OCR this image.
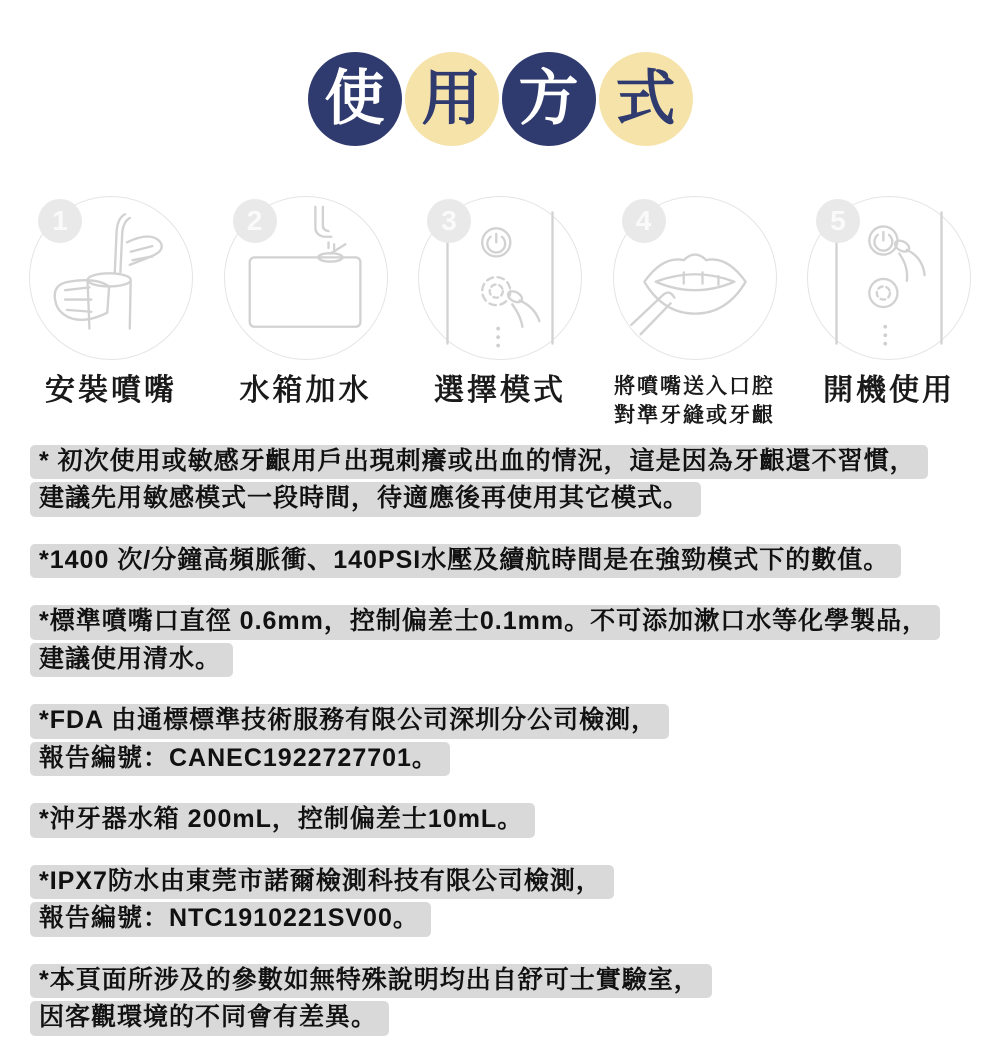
使 用 方 式
1
安裝噴嘴
2
水箱加水
3
選擇模式
4
將噴嘴送入口腔
對準牙縫或牙齦
5
開機使用
* 初次使用或敏感牙齦用戶出現刺癢或出血的情況，這是因為牙齦還不習慣，
建議先用敏感模式一段時間，待適應後再使用其它模式。
*1400 次/分鐘高頻脈衝、140PSI水壓及續航時間是在強勁模式下的數值。
*標準噴嘴口直徑 0.6mm，控制偏差士0.1mm。不可添加漱口水等化學製品，
建議使用清水。
*FDA 由通標標準技術服務有限公司深圳分公司檢測，
報告編號：CANEC1922727701。
*沖牙器水箱 200mL，控制偏差士10mL。
*IPX7防水由東莞市諾爾檢測科技有限公司檢測，
報告編號：NTC1910221SV00。
*本頁面所涉及的參數如無特殊說明均出自舒可士實驗室，
因客觀環境的不同會有差異。
